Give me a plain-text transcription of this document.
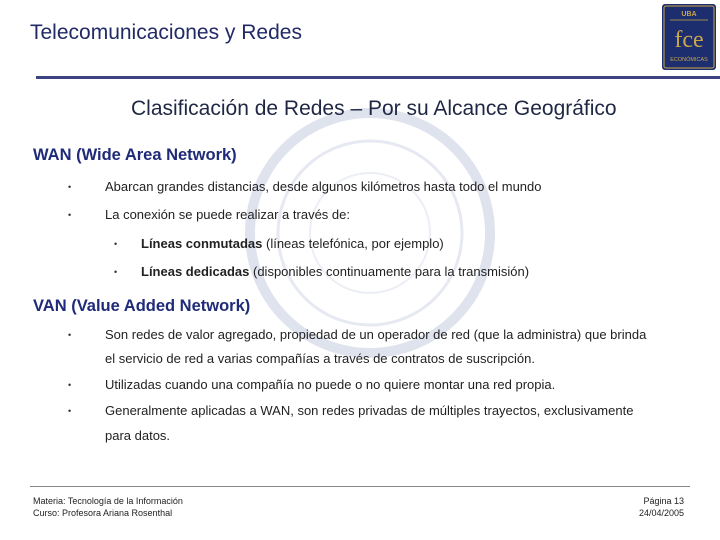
Telecomunicaciones y Redes
UBA
fce
ECONÓMICAS
Clasificación de Redes – Por su Alcance Geográfico
WAN (Wide Area Network)
•	Abarcan grandes distancias, desde algunos kilómetros hasta todo el mundo
•	La conexión se puede realizar a través de:
• Líneas conmutadas (líneas telefónica, por ejemplo)
• Líneas dedicadas (disponibles continuamente para la transmisión)
VAN (Value Added Network)
•	Son redes de valor agregado, propiedad de un operador de red (que la administra) que brinda
el servicio de red a varias compañías a través de contratos de suscripción.
•	Utilizadas cuando una compañía no puede o no quiere montar una red propia.
•	Generalmente aplicadas a WAN, son redes privadas de múltiples trayectos, exclusivamente
para datos.
Materia: Tecnología de la Información
Curso: Profesora Ariana Rosenthal
Página 13
24/04/2005
